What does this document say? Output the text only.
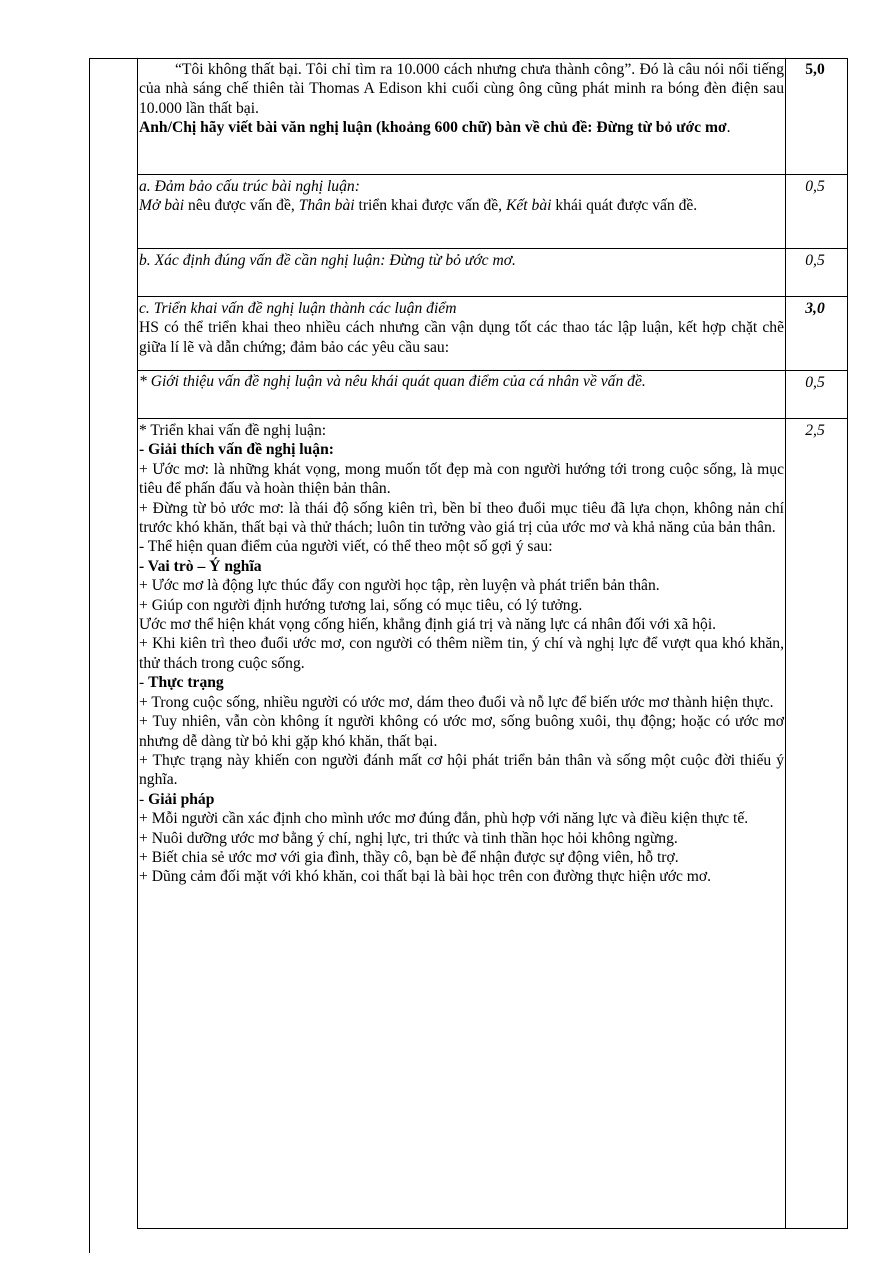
“Tôi không thất bại. Tôi chỉ tìm ra 10.000 cách nhưng chưa thành công”. Đó là câu nói nổi tiếng của nhà sáng chế thiên tài Thomas A Edison khi cuối cùng ông cũng phát minh ra bóng đèn điện sau 10.000 lần thất bại.

Anh/Chị hãy viết bài văn nghị luận (khoảng 600 chữ) bàn về chủ đề: Đừng từ bỏ ước mơ.

5,0

a. Đảm bảo cấu trúc bài nghị luận:

Mở bài nêu được vấn đề, Thân bài triển khai được vấn đề, Kết bài khái quát được vấn đề.

0,5

b. Xác định đúng vấn đề cần nghị luận: Đừng từ bỏ ước mơ.	0,5

c. Triển khai vấn đề nghị luận thành các luận điểm

HS có thể triển khai theo nhiều cách nhưng cần vận dụng tốt các thao tác lập luận, kết hợp chặt chẽ giữa lí lẽ và dẫn chứng; đảm bảo các yêu cầu sau:

3,0

* Giới thiệu vấn đề nghị luận và nêu khái quát quan điểm của cá nhân về vấn đề.	0,5

* Triển khai vấn đề nghị luận:

- Giải thích vấn đề nghị luận:

+ Ước mơ: là những khát vọng, mong muốn tốt đẹp mà con người hướng tới trong cuộc sống, là mục tiêu để phấn đấu và hoàn thiện bản thân.

+ Đừng từ bỏ ước mơ: là thái độ sống kiên trì, bền bỉ theo đuổi mục tiêu đã lựa chọn, không nản chí trước khó khăn, thất bại và thử thách; luôn tin tưởng vào giá trị của ước mơ và khả năng của bản thân.

- Thể hiện quan điểm của người viết, có thể theo một số gợi ý sau:

- Vai trò – Ý nghĩa

+ Ước mơ là động lực thúc đẩy con người học tập, rèn luyện và phát triển bản thân.

+ Giúp con người định hướng tương lai, sống có mục tiêu, có lý tưởng.

Ước mơ thể hiện khát vọng cống hiến, khẳng định giá trị và năng lực cá nhân đối với xã hội.

+ Khi kiên trì theo đuổi ước mơ, con người có thêm niềm tin, ý chí và nghị lực để vượt qua khó khăn, thử thách trong cuộc sống.

- Thực trạng

+ Trong cuộc sống, nhiều người có ước mơ, dám theo đuổi và nỗ lực để biến ước mơ thành hiện thực.

+ Tuy nhiên, vẫn còn không ít người không có ước mơ, sống buông xuôi, thụ động; hoặc có ước mơ nhưng dễ dàng từ bỏ khi gặp khó khăn, thất bại.

+ Thực trạng này khiến con người đánh mất cơ hội phát triển bản thân và sống một cuộc đời thiếu ý nghĩa.

- Giải pháp

+ Mỗi người cần xác định cho mình ước mơ đúng đắn, phù hợp với năng lực và điều kiện thực tế.

+ Nuôi dưỡng ước mơ bằng ý chí, nghị lực, tri thức và tinh thần học hỏi không ngừng.

+ Biết chia sẻ ước mơ với gia đình, thầy cô, bạn bè để nhận được sự động viên, hỗ trợ.

+ Dũng cảm đối mặt với khó khăn, coi thất bại là bài học trên con đường thực hiện ước mơ.

2,5
